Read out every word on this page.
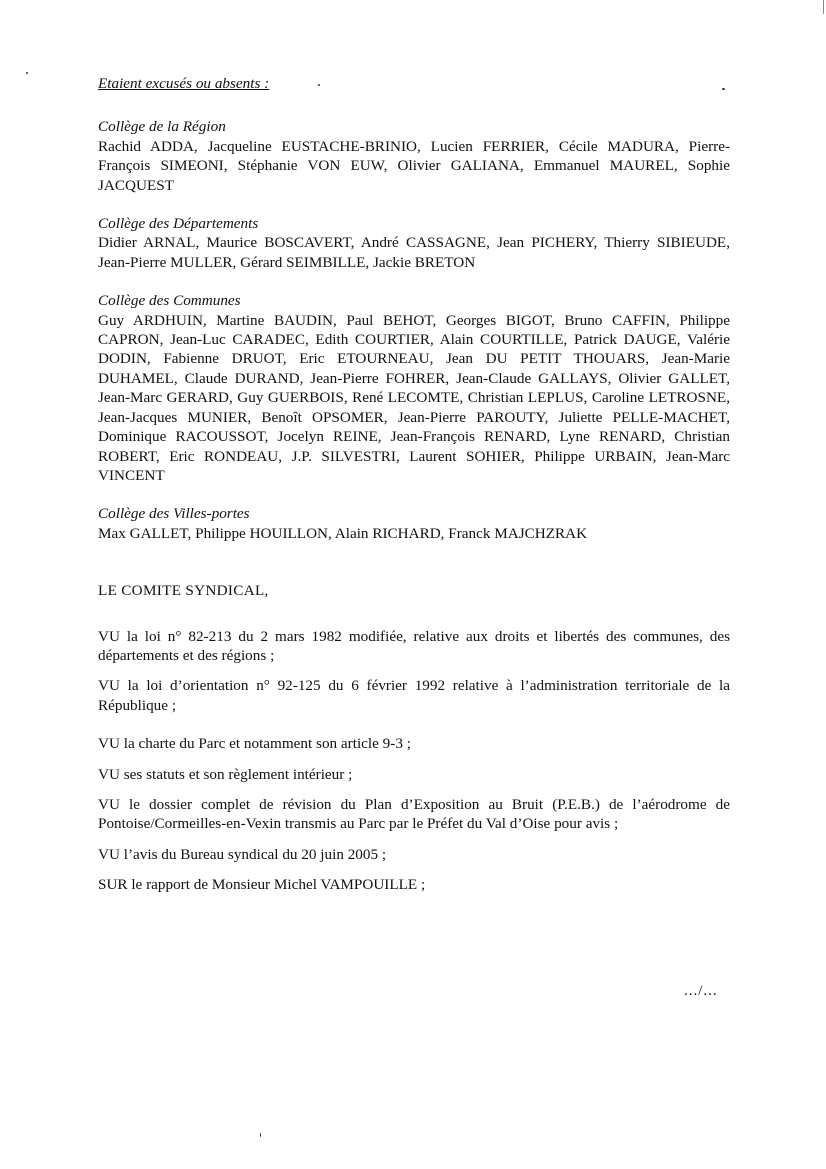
Etaient excusés ou absents :

Collège de la Région

Rachid ADDA, Jacqueline EUSTACHE-BRINIO, Lucien FERRIER, Cécile MADURA, Pierre-François SIMEONI, Stéphanie VON EUW, Olivier GALIANA, Emmanuel MAUREL, Sophie JACQUEST

Collège des Départements

Didier ARNAL, Maurice BOSCAVERT, André CASSAGNE, Jean PICHERY, Thierry SIBIEUDE, Jean-Pierre MULLER, Gérard SEIMBILLE, Jackie BRETON

Collège des Communes

Guy ARDHUIN, Martine BAUDIN, Paul BEHOT, Georges BIGOT, Bruno CAFFIN, Philippe CAPRON, Jean-Luc CARADEC, Edith COURTIER, Alain COURTILLE, Patrick DAUGE, Valérie DODIN, Fabienne DRUOT, Eric ETOURNEAU, Jean DU PETIT THOUARS, Jean-Marie DUHAMEL, Claude DURAND, Jean-Pierre FOHRER, Jean-Claude GALLAYS, Olivier GALLET, Jean-Marc GERARD, Guy GUERBOIS, René LECOMTE, Christian LEPLUS, Caroline LETROSNE, Jean-Jacques MUNIER, Benoît OPSOMER, Jean-Pierre PAROUTY, Juliette PELLE-MACHET, Dominique RACOUSSOT, Jocelyn REINE, Jean-François RENARD, Lyne RENARD, Christian ROBERT, Eric RONDEAU, J.P. SILVESTRI, Laurent SOHIER, Philippe URBAIN, Jean-Marc VINCENT

Collège des Villes-portes

Max GALLET, Philippe HOUILLON, Alain RICHARD, Franck MAJCHZRAK

LE COMITE SYNDICAL,

VU la loi n° 82-213 du 2 mars 1982 modifiée, relative aux droits et libertés des communes, des départements et des régions ;

VU la loi d’orientation n° 92-125 du 6 février 1992 relative à l’administration territoriale de la République ;

VU la charte du Parc et notamment son article 9-3 ;

VU ses statuts et son règlement intérieur ;

VU le dossier complet de révision du Plan d’Exposition au Bruit (P.E.B.) de l’aérodrome de Pontoise/Cormeilles-en-Vexin transmis au Parc par le Préfet du Val d’Oise pour avis ;

VU l’avis du Bureau syndical du 20 juin 2005 ;

SUR le rapport de Monsieur Michel VAMPOUILLE ;

.../...
